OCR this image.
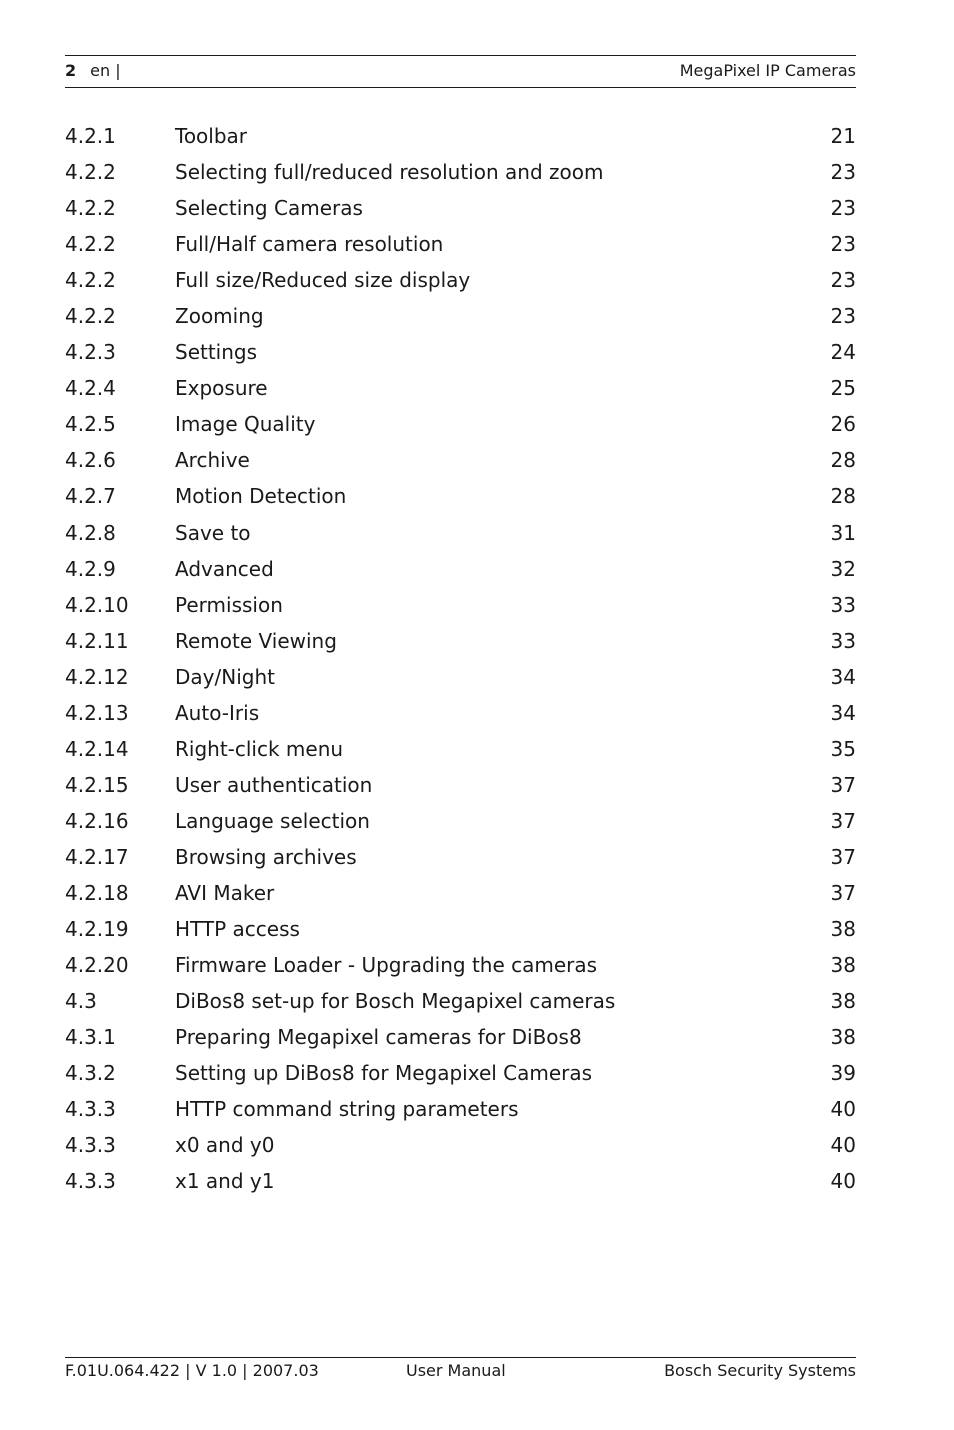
2 en |	MegaPixel IP Cameras
4.2.1	Toolbar	21
4.2.2	Selecting full/reduced resolution and zoom	23
4.2.2	Selecting Cameras	23
4.2.2	Full/Half camera resolution	23
4.2.2	Full size/Reduced size display	23
4.2.2	Zooming	23
4.2.3	Settings	24
4.2.4	Exposure	25
4.2.5	Image Quality	26
4.2.6	Archive	28
4.2.7	Motion Detection	28
4.2.8	Save to	31
4.2.9	Advanced	32
4.2.10 Permission	33
4.2.11 Remote Viewing	33
4.2.12 Day/Night	34
4.2.13 Auto-Iris	34
4.2.14 Right-click menu	35
4.2.15 User authentication	37
4.2.16 Language selection	37
4.2.17 Browsing archives	37
4.2.18 AVI Maker	37
4.2.19 HTTP access	38
4.2.20 Firmware Loader - Upgrading the cameras	38
4.3	DiBos8 set-up for Bosch Megapixel cameras	38
4.3.1	Preparing Megapixel cameras for DiBos8	38
4.3.2	Setting up DiBos8 for Megapixel Cameras	39
4.3.3	HTTP command string parameters	40
4.3.3	x0 and y0	40
4.3.3	x1 and y1	40
F.01U.064.422 | V 1.0 | 2007.03	User Manual	Bosch Security Systems
